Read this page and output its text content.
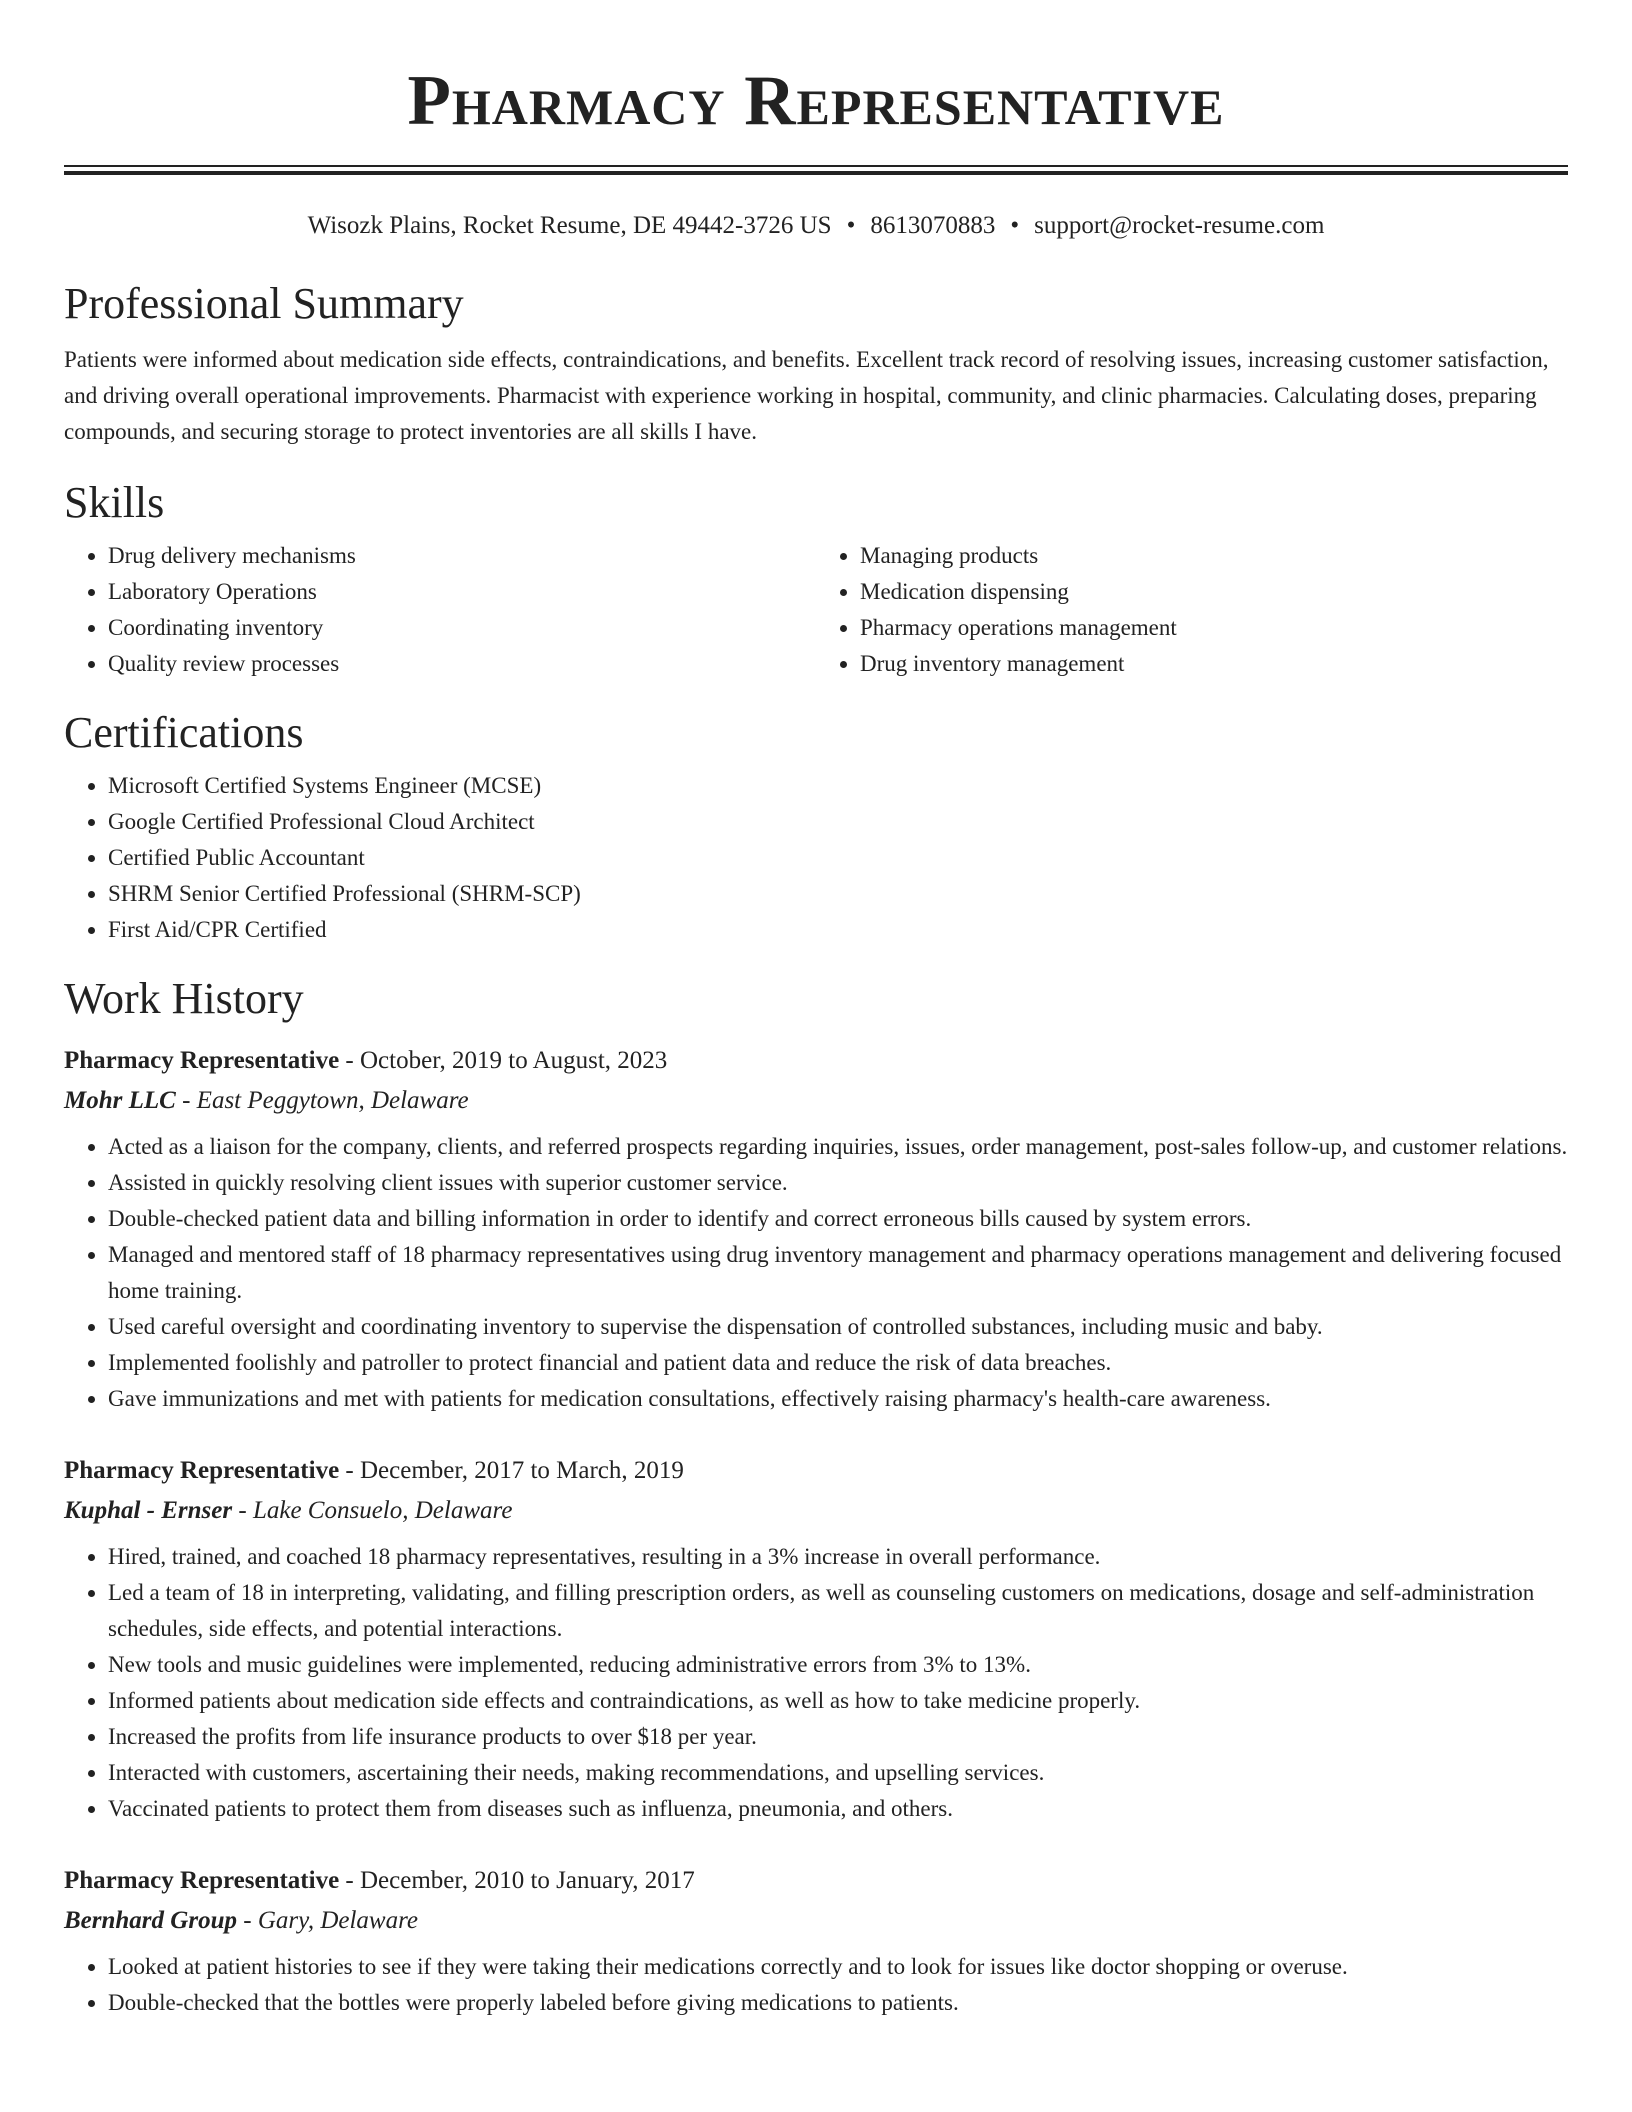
Pharmacy Representative
Wisozk Plains, Rocket Resume, DE 49442-3726 US • 8613070883 • support@rocket-resume.com
Professional Summary

Patients were informed about medication side effects, contraindications, and benefits. Excellent track record of resolving issues, increasing customer satisfaction, and driving overall operational improvements. Pharmacist with experience working in hospital, community, and clinic pharmacies. Calculating doses, preparing compounds, and securing storage to protect inventories are all skills I have.

Skills
• Drug delivery mechanisms
• Laboratory Operations
• Coordinating inventory
• Quality review processes
• Managing products
• Medication dispensing
• Pharmacy operations management
• Drug inventory management
Certifications
• Microsoft Certified Systems Engineer (MCSE)
• Google Certified Professional Cloud Architect
• Certified Public Accountant
• SHRM Senior Certified Professional (SHRM-SCP)
• First Aid/CPR Certified
Work History
Pharmacy Representative - October, 2019 to August, 2023
Mohr LLC - East Peggytown, Delaware
• Acted as a liaison for the company, clients, and referred prospects regarding inquiries, issues, order management, post-sales follow-up, and customer relations.
• Assisted in quickly resolving client issues with superior customer service.
• Double-checked patient data and billing information in order to identify and correct erroneous bills caused by system errors.
• Managed and mentored staff of 18 pharmacy representatives using drug inventory management and pharmacy operations management and delivering focused home training.
• Used careful oversight and coordinating inventory to supervise the dispensation of controlled substances, including music and baby.
• Implemented foolishly and patroller to protect financial and patient data and reduce the risk of data breaches.
• Gave immunizations and met with patients for medication consultations, effectively raising pharmacy's health-care awareness.
Pharmacy Representative - December, 2017 to March, 2019
Kuphal - Ernser - Lake Consuelo, Delaware
• Hired, trained, and coached 18 pharmacy representatives, resulting in a 3% increase in overall performance.
• Led a team of 18 in interpreting, validating, and filling prescription orders, as well as counseling customers on medications, dosage and self-administration schedules, side effects, and potential interactions.
• New tools and music guidelines were implemented, reducing administrative errors from 3% to 13%.
• Informed patients about medication side effects and contraindications, as well as how to take medicine properly.
• Increased the profits from life insurance products to over $18 per year.
• Interacted with customers, ascertaining their needs, making recommendations, and upselling services.
• Vaccinated patients to protect them from diseases such as influenza, pneumonia, and others.
Pharmacy Representative - December, 2010 to January, 2017
Bernhard Group - Gary, Delaware
• Looked at patient histories to see if they were taking their medications correctly and to look for issues like doctor shopping or overuse.
• Double-checked that the bottles were properly labeled before giving medications to patients.
